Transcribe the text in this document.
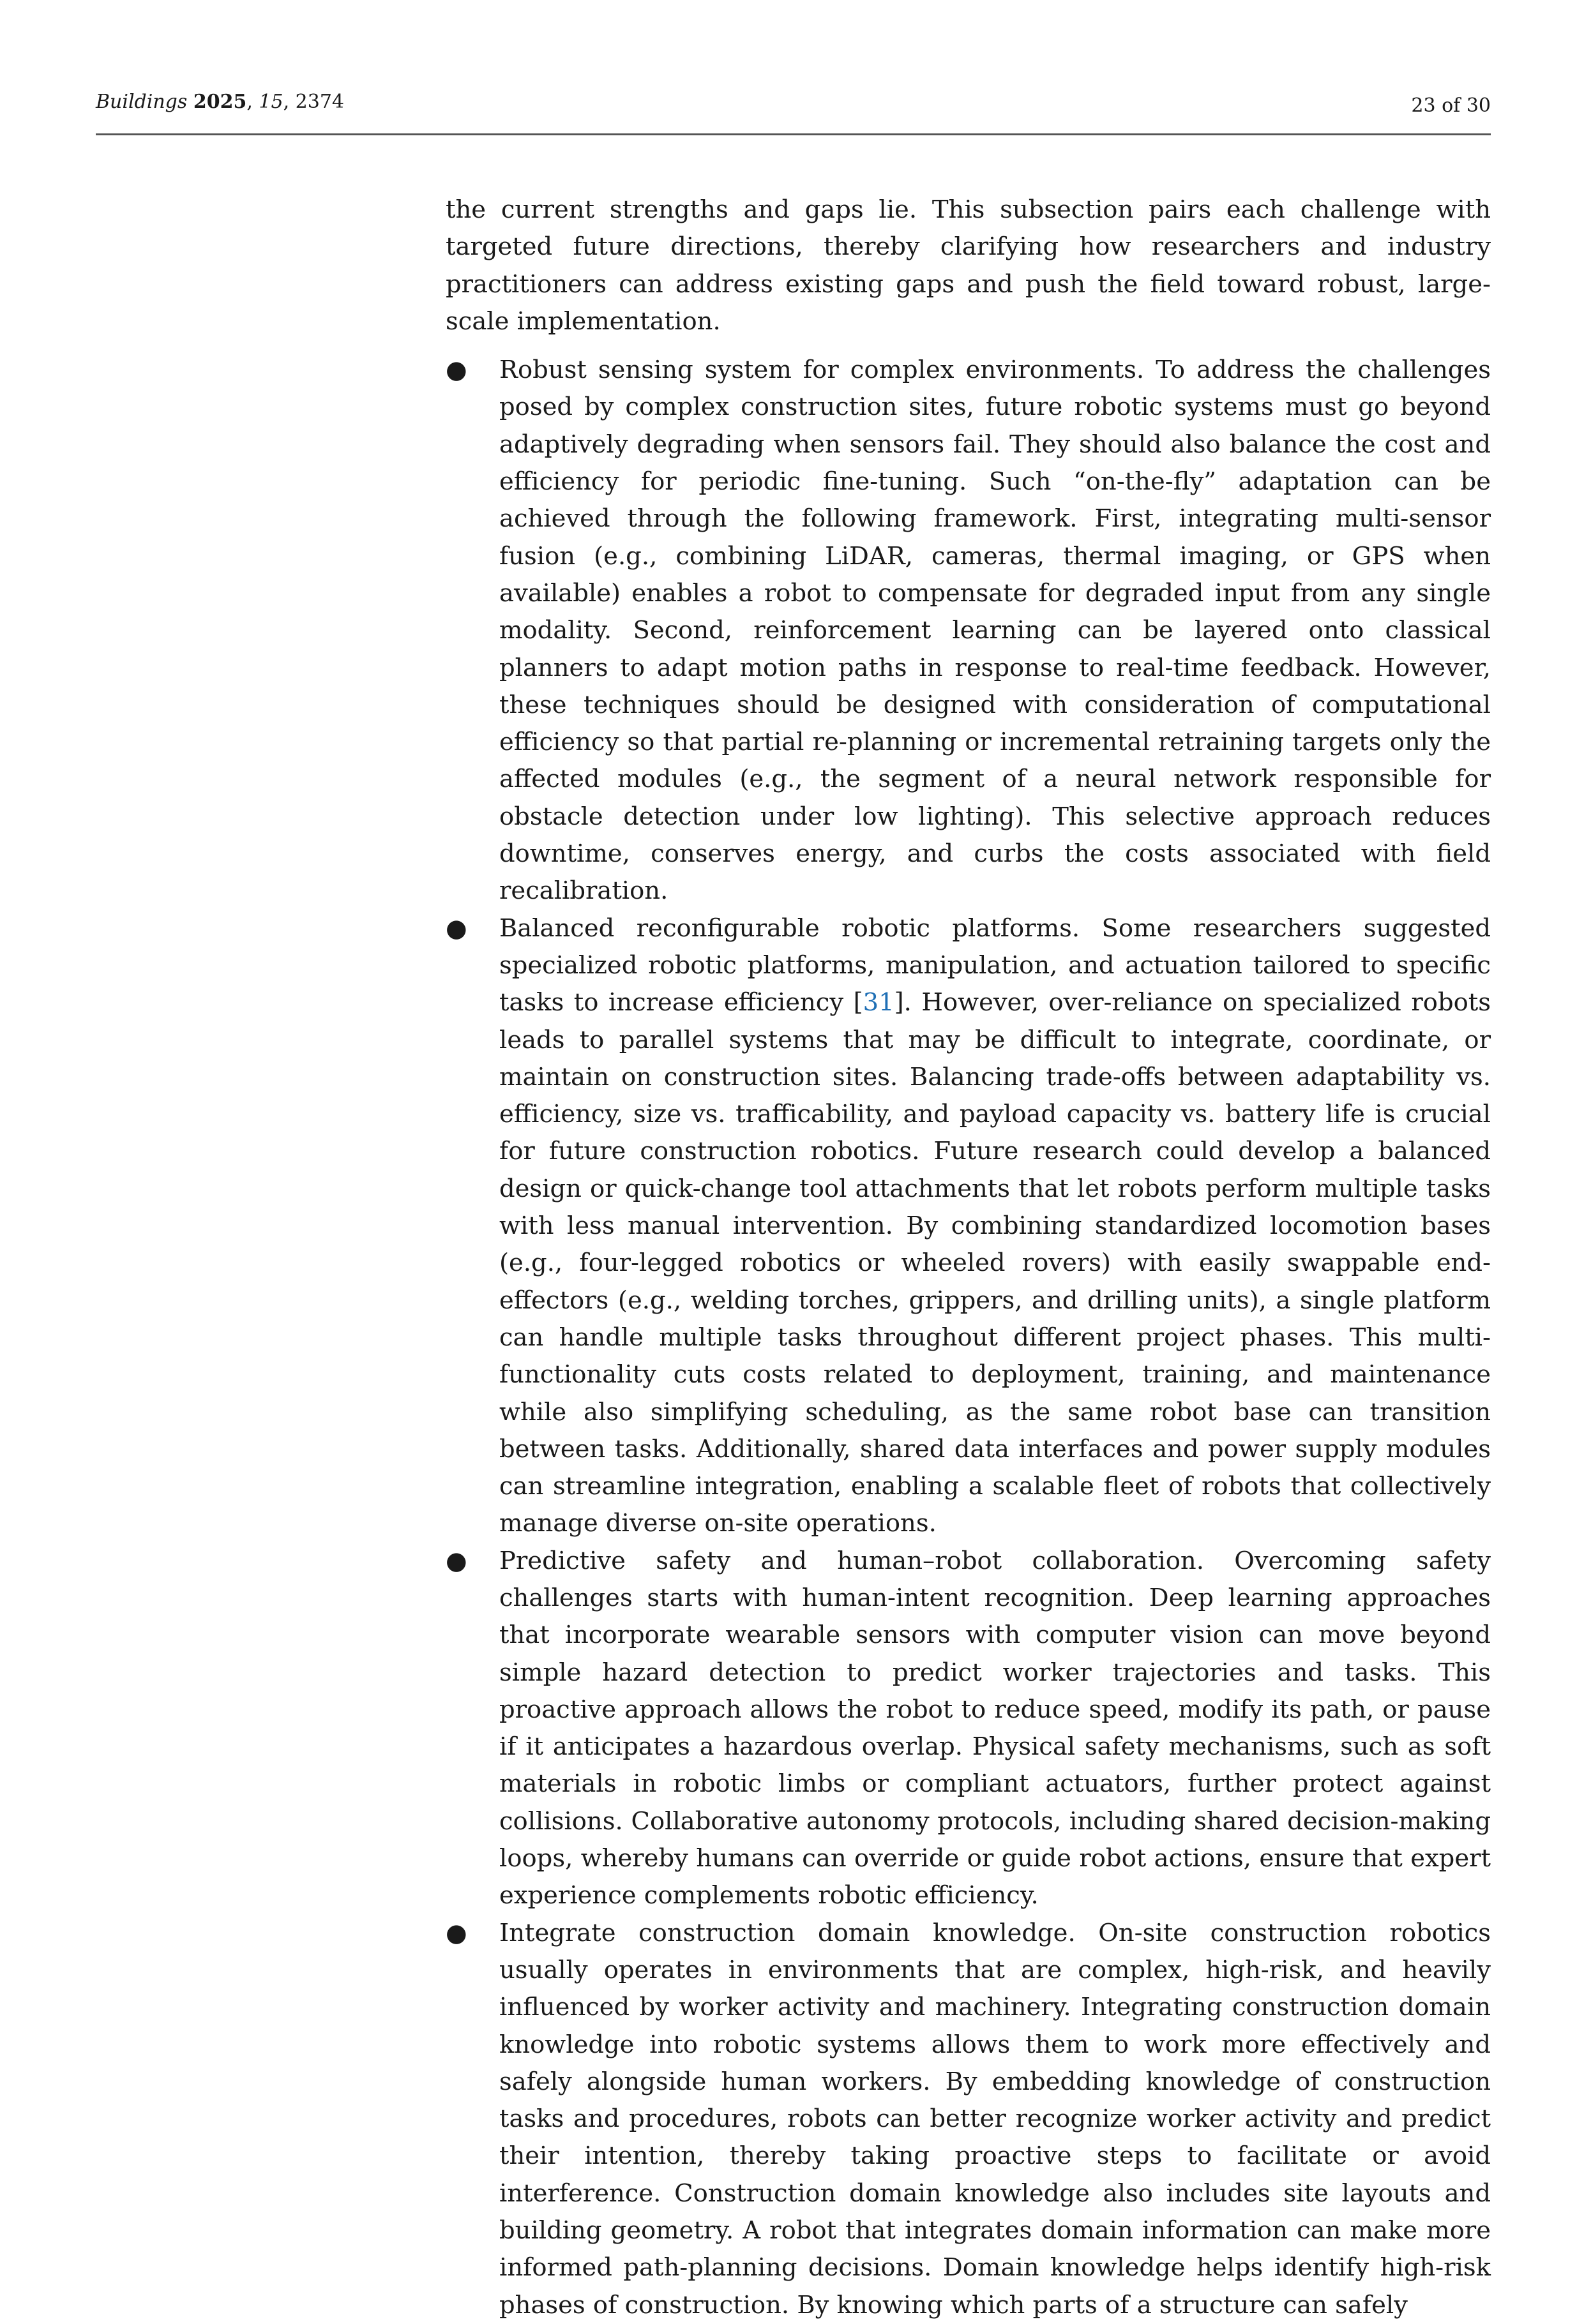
Buildings 2025, 15, 2374	23 of 30

the current strengths and gaps lie. This subsection pairs each challenge with targeted future directions, thereby clarifying how researchers and industry practitioners can address existing gaps and push the field toward robust, large-scale implementation.

● Robust sensing system for complex environments. To address the challenges posed by complex construction sites, future robotic systems must go beyond adaptively degrading when sensors fail. They should also balance the cost and efficiency for periodic fine-tuning. Such “on-the-fly” adaptation can be achieved through the following framework. First, integrating multi-sensor fusion (e.g., combining LiDAR, cameras, thermal imaging, or GPS when available) enables a robot to compensate for degraded input from any single modality. Second, reinforcement learning can be layered onto classical planners to adapt motion paths in response to real-time feedback. However, these techniques should be designed with consideration of computational efficiency so that partial re-planning or incremental retraining targets only the affected modules (e.g., the segment of a neural network responsible for obstacle detection under low lighting). This selective approach reduces downtime, conserves energy, and curbs the costs associated with field recalibration.
● Balanced reconfigurable robotic platforms. Some researchers suggested specialized robotic platforms, manipulation, and actuation tailored to specific tasks to increase efficiency [31]. However, over-reliance on specialized robots leads to parallel systems that may be difficult to integrate, coordinate, or maintain on construction sites. Balancing trade-offs between adaptability vs. efficiency, size vs. trafficability, and payload capacity vs. battery life is crucial for future construction robotics. Future research could develop a balanced design or quick-change tool attachments that let robots perform multiple tasks with less manual intervention. By combining standardized locomotion bases (e.g., four-legged robotics or wheeled rovers) with easily swappable end-effectors (e.g., welding torches, grippers, and drilling units), a single platform can handle multiple tasks throughout different project phases. This multi-functionality cuts costs related to deployment, training, and maintenance while also simplifying scheduling, as the same robot base can transition between tasks. Additionally, shared data interfaces and power supply modules can streamline integration, enabling a scalable fleet of robots that collectively manage diverse on-site operations.
● Predictive safety and human–robot collaboration. Overcoming safety challenges starts with human-intent recognition. Deep learning approaches that incorporate wearable sensors with computer vision can move beyond simple hazard detection to predict worker trajectories and tasks. This proactive approach allows the robot to reduce speed, modify its path, or pause if it anticipates a hazardous overlap. Physical safety mechanisms, such as soft materials in robotic limbs or compliant actuators, further protect against collisions. Collaborative autonomy protocols, including shared decision-making loops, whereby humans can override or guide robot actions, ensure that expert experience complements robotic efficiency.
● Integrate construction domain knowledge. On-site construction robotics usually operates in environments that are complex, high-risk, and heavily influenced by worker activity and machinery. Integrating construction domain knowledge into robotic systems allows them to work more effectively and safely alongside human workers. By embedding knowledge of construction tasks and procedures, robots can better recognize worker activity and predict their intention, thereby taking proactive steps to facilitate or avoid interference. Construction domain knowledge also includes site layouts and building geometry. A robot that integrates domain information can make more informed path-planning decisions. Domain knowledge helps identify high-risk phases of construction. By knowing which parts of a structure can safely
